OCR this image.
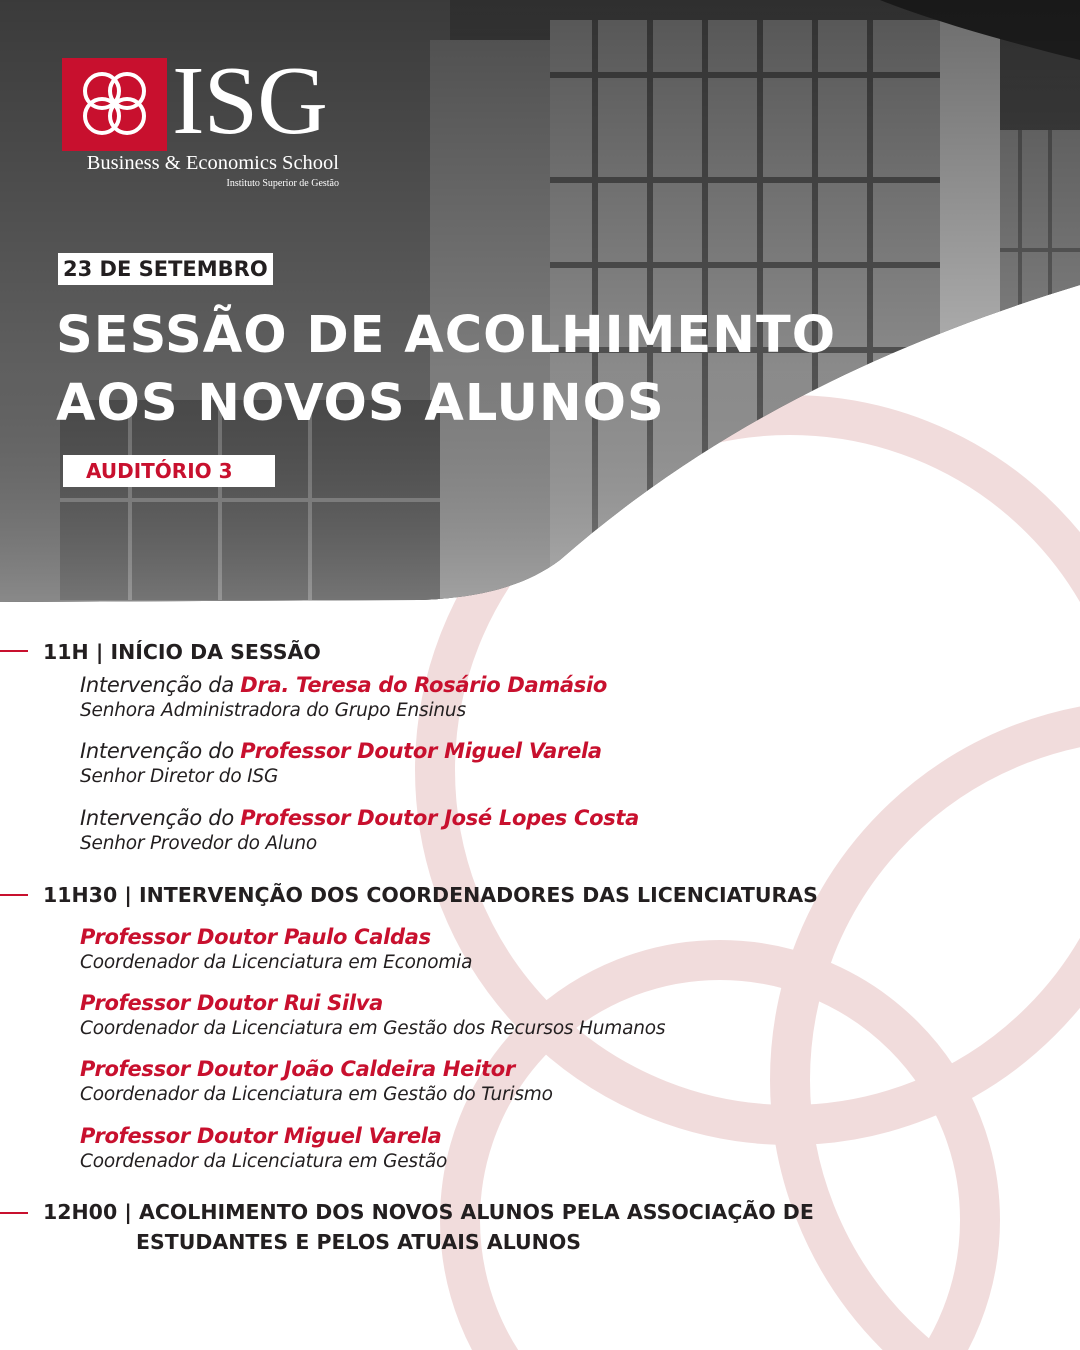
ISG
Business & Economics School
Instituto Superior de Gestão
23 DE SETEMBRO
SESSÃO DE ACOLHIMENTO
AOS NOVOS ALUNOS
AUDITÓRIO 3
11H | INÍCIO DA SESSÃO
Intervenção da Dra. Teresa do Rosário Damásio
Senhora Administradora do Grupo Ensinus
Intervenção do Professor Doutor Miguel Varela
Senhor Diretor do ISG
Intervenção do Professor Doutor José Lopes Costa
Senhor Provedor do Aluno
11H30 | INTERVENÇÃO DOS COORDENADORES DAS LICENCIATURAS
Professor Doutor Paulo Caldas
Coordenador da Licenciatura em Economia
Professor Doutor Rui Silva
Coordenador da Licenciatura em Gestão dos Recursos Humanos
Professor Doutor João Caldeira Heitor
Coordenador da Licenciatura em Gestão do Turismo
Professor Doutor Miguel Varela
Coordenador da Licenciatura em Gestão
12H00 | ACOLHIMENTO DOS NOVOS ALUNOS PELA ASSOCIAÇÃO DE
ESTUDANTES E PELOS ATUAIS ALUNOS
